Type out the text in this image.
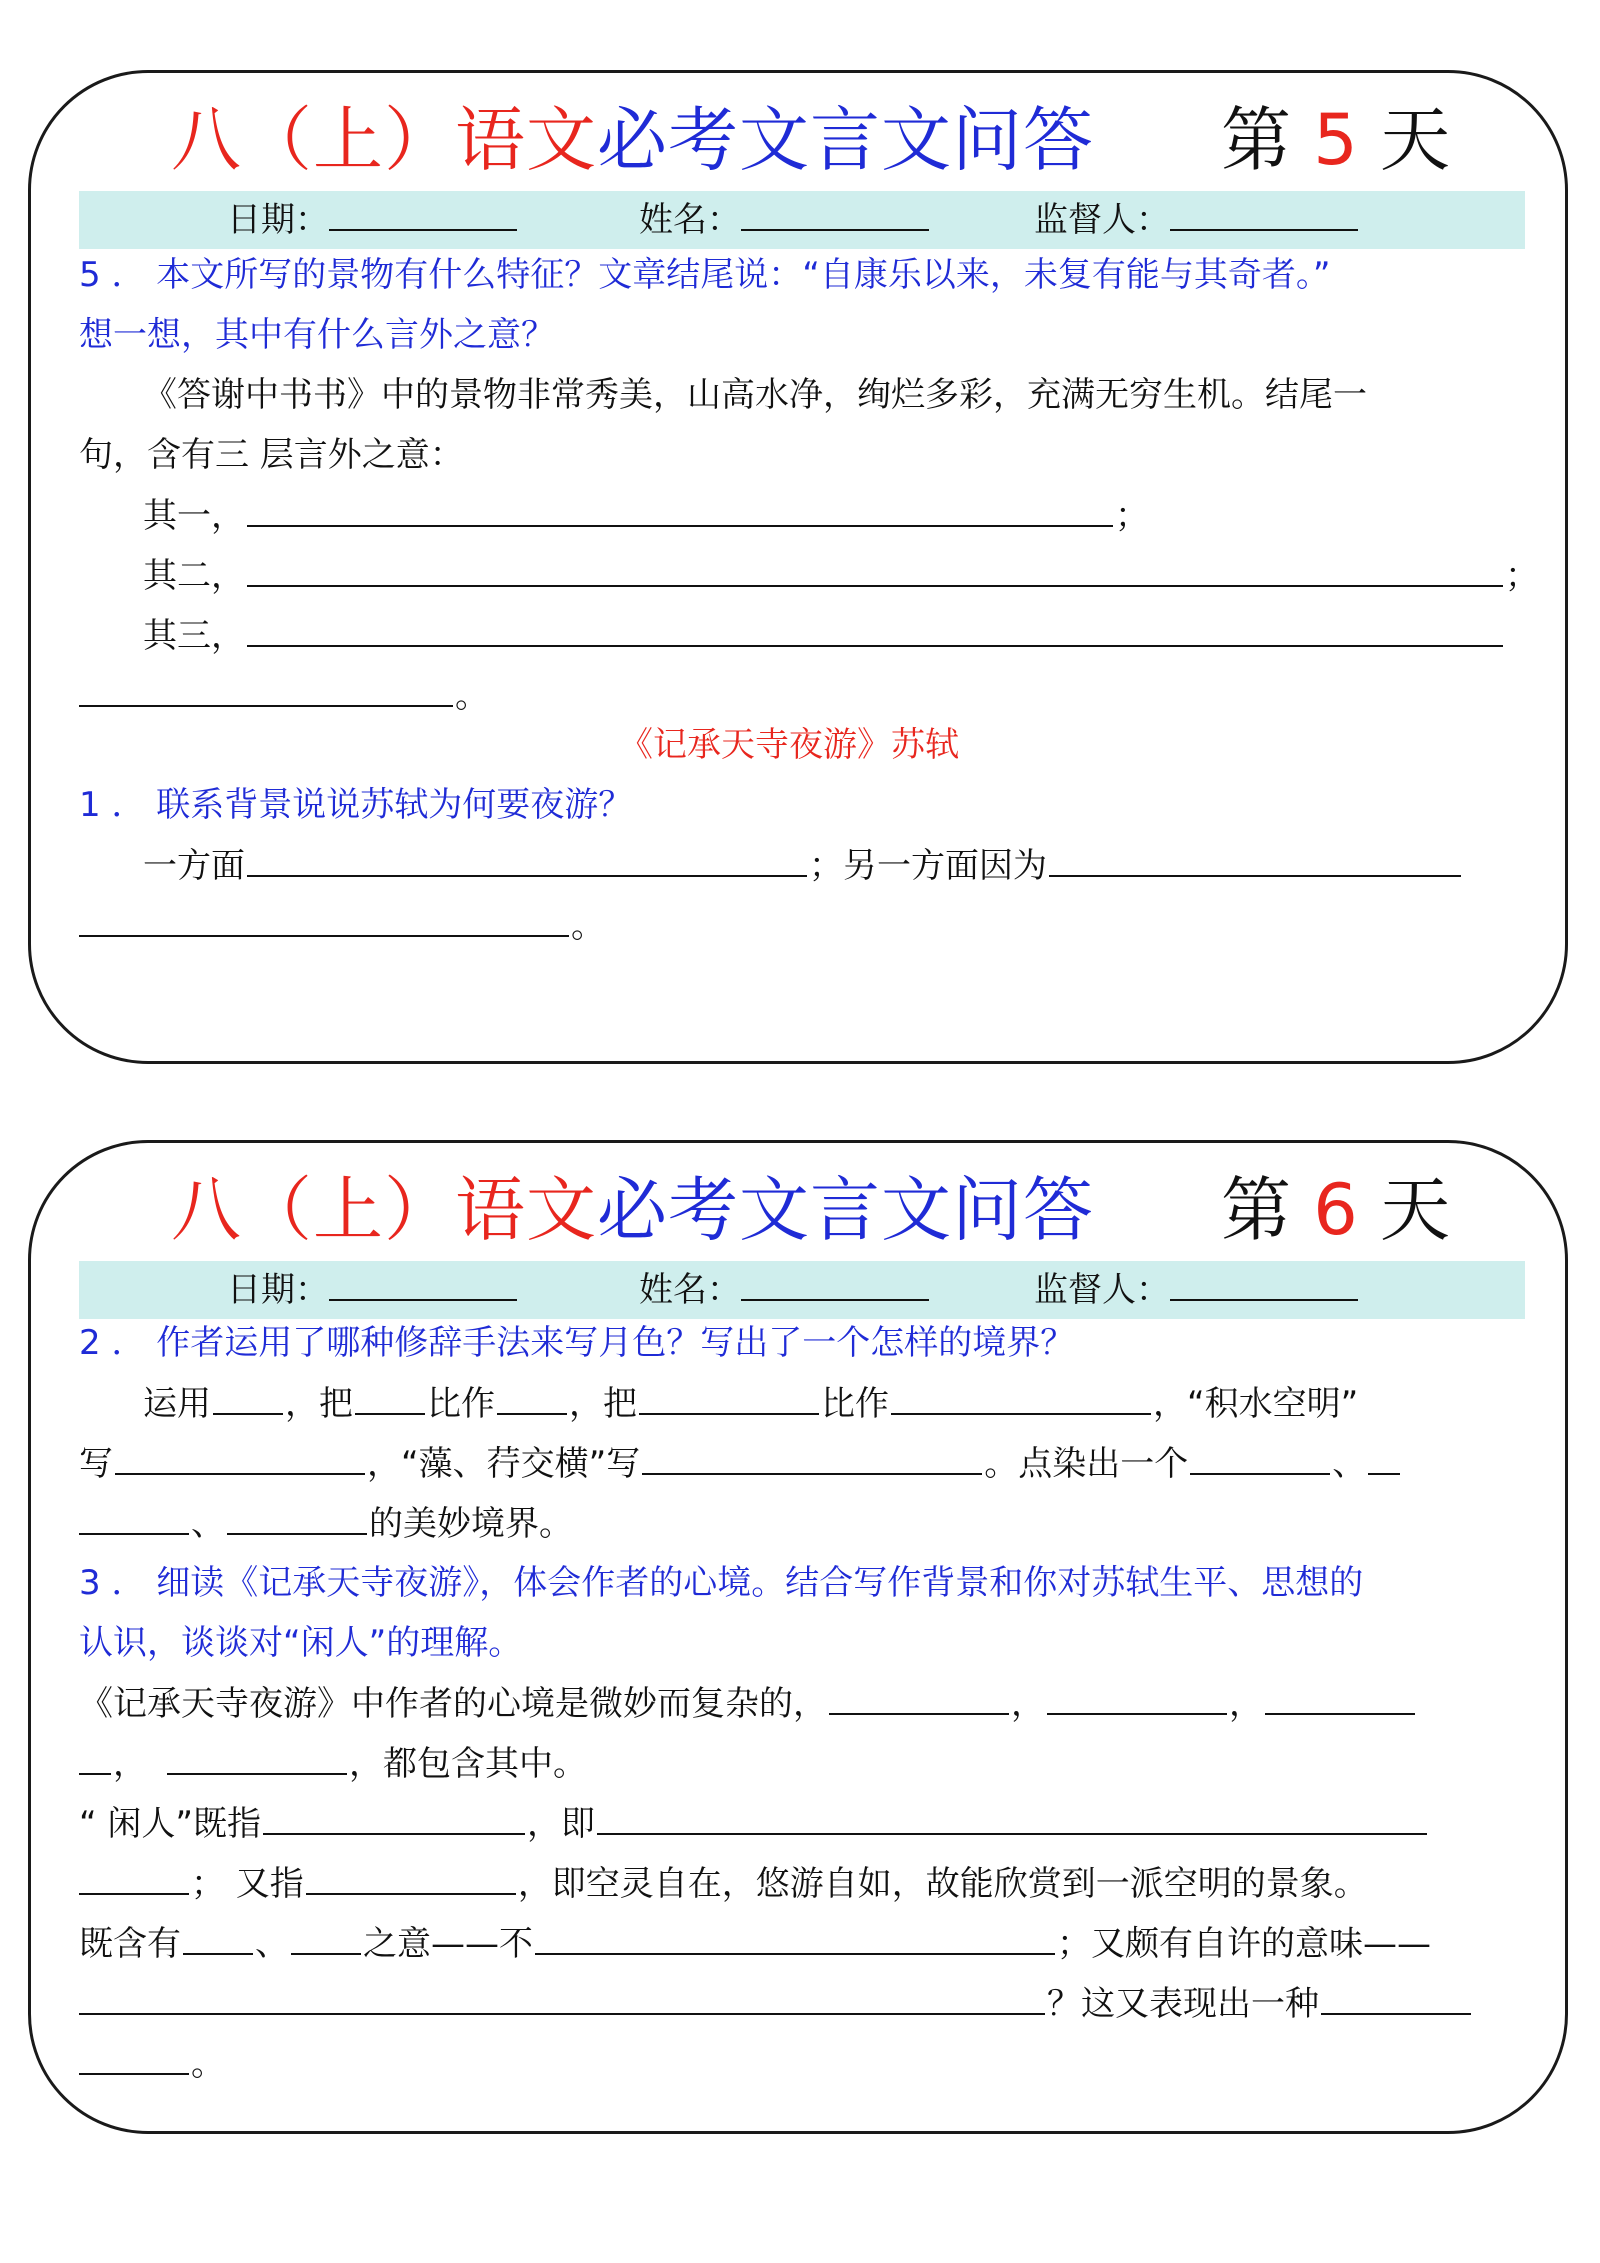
八（上）语文必考文言文问答 第 5 天
日期：	姓名：	监督人：
5 ． 本文所写的景物有什么特征？文章结尾说：“自康乐以来，未复有能与其奇者。”
想一想，其中有什么言外之意？
《答谢中书书》中的景物非常秀美，山高水净，绚烂多彩，充满无穷生机。结尾一
句，含有三 层言外之意：
其一，	；
其二，	；
其三，
。
《记承天寺夜游》苏轼
1 ． 联系背景说说苏轼为何要夜游？
一方面	；另一方面因为
。
八（上）语文必考文言文问答 第 6 天
日期：	姓名：	监督人：
2 ． 作者运用了哪种修辞手法来写月色？写出了一个怎样的境界？
运用 ，把 比作 ，把	比作	，“积水空明”
写	，“藻、荇交横”写	。点染出一个	、
、	的美妙境界。
3 ． 细读《记承天寺夜游》，体会作者的心境。结合写作背景和你对苏轼生平、思想的
认识，谈谈对“闲人”的理解。
《记承天寺夜游》中作者的心境是微妙而复杂的，	，	，
，	，都包含其中。
“ 闲人”既指	，即
； 又指	，即空灵自在，悠游自如，故能欣赏到一派空明的景象。
既含有 、 之意——不	；又颇有自许的意味——
？这又表现出一种
。
